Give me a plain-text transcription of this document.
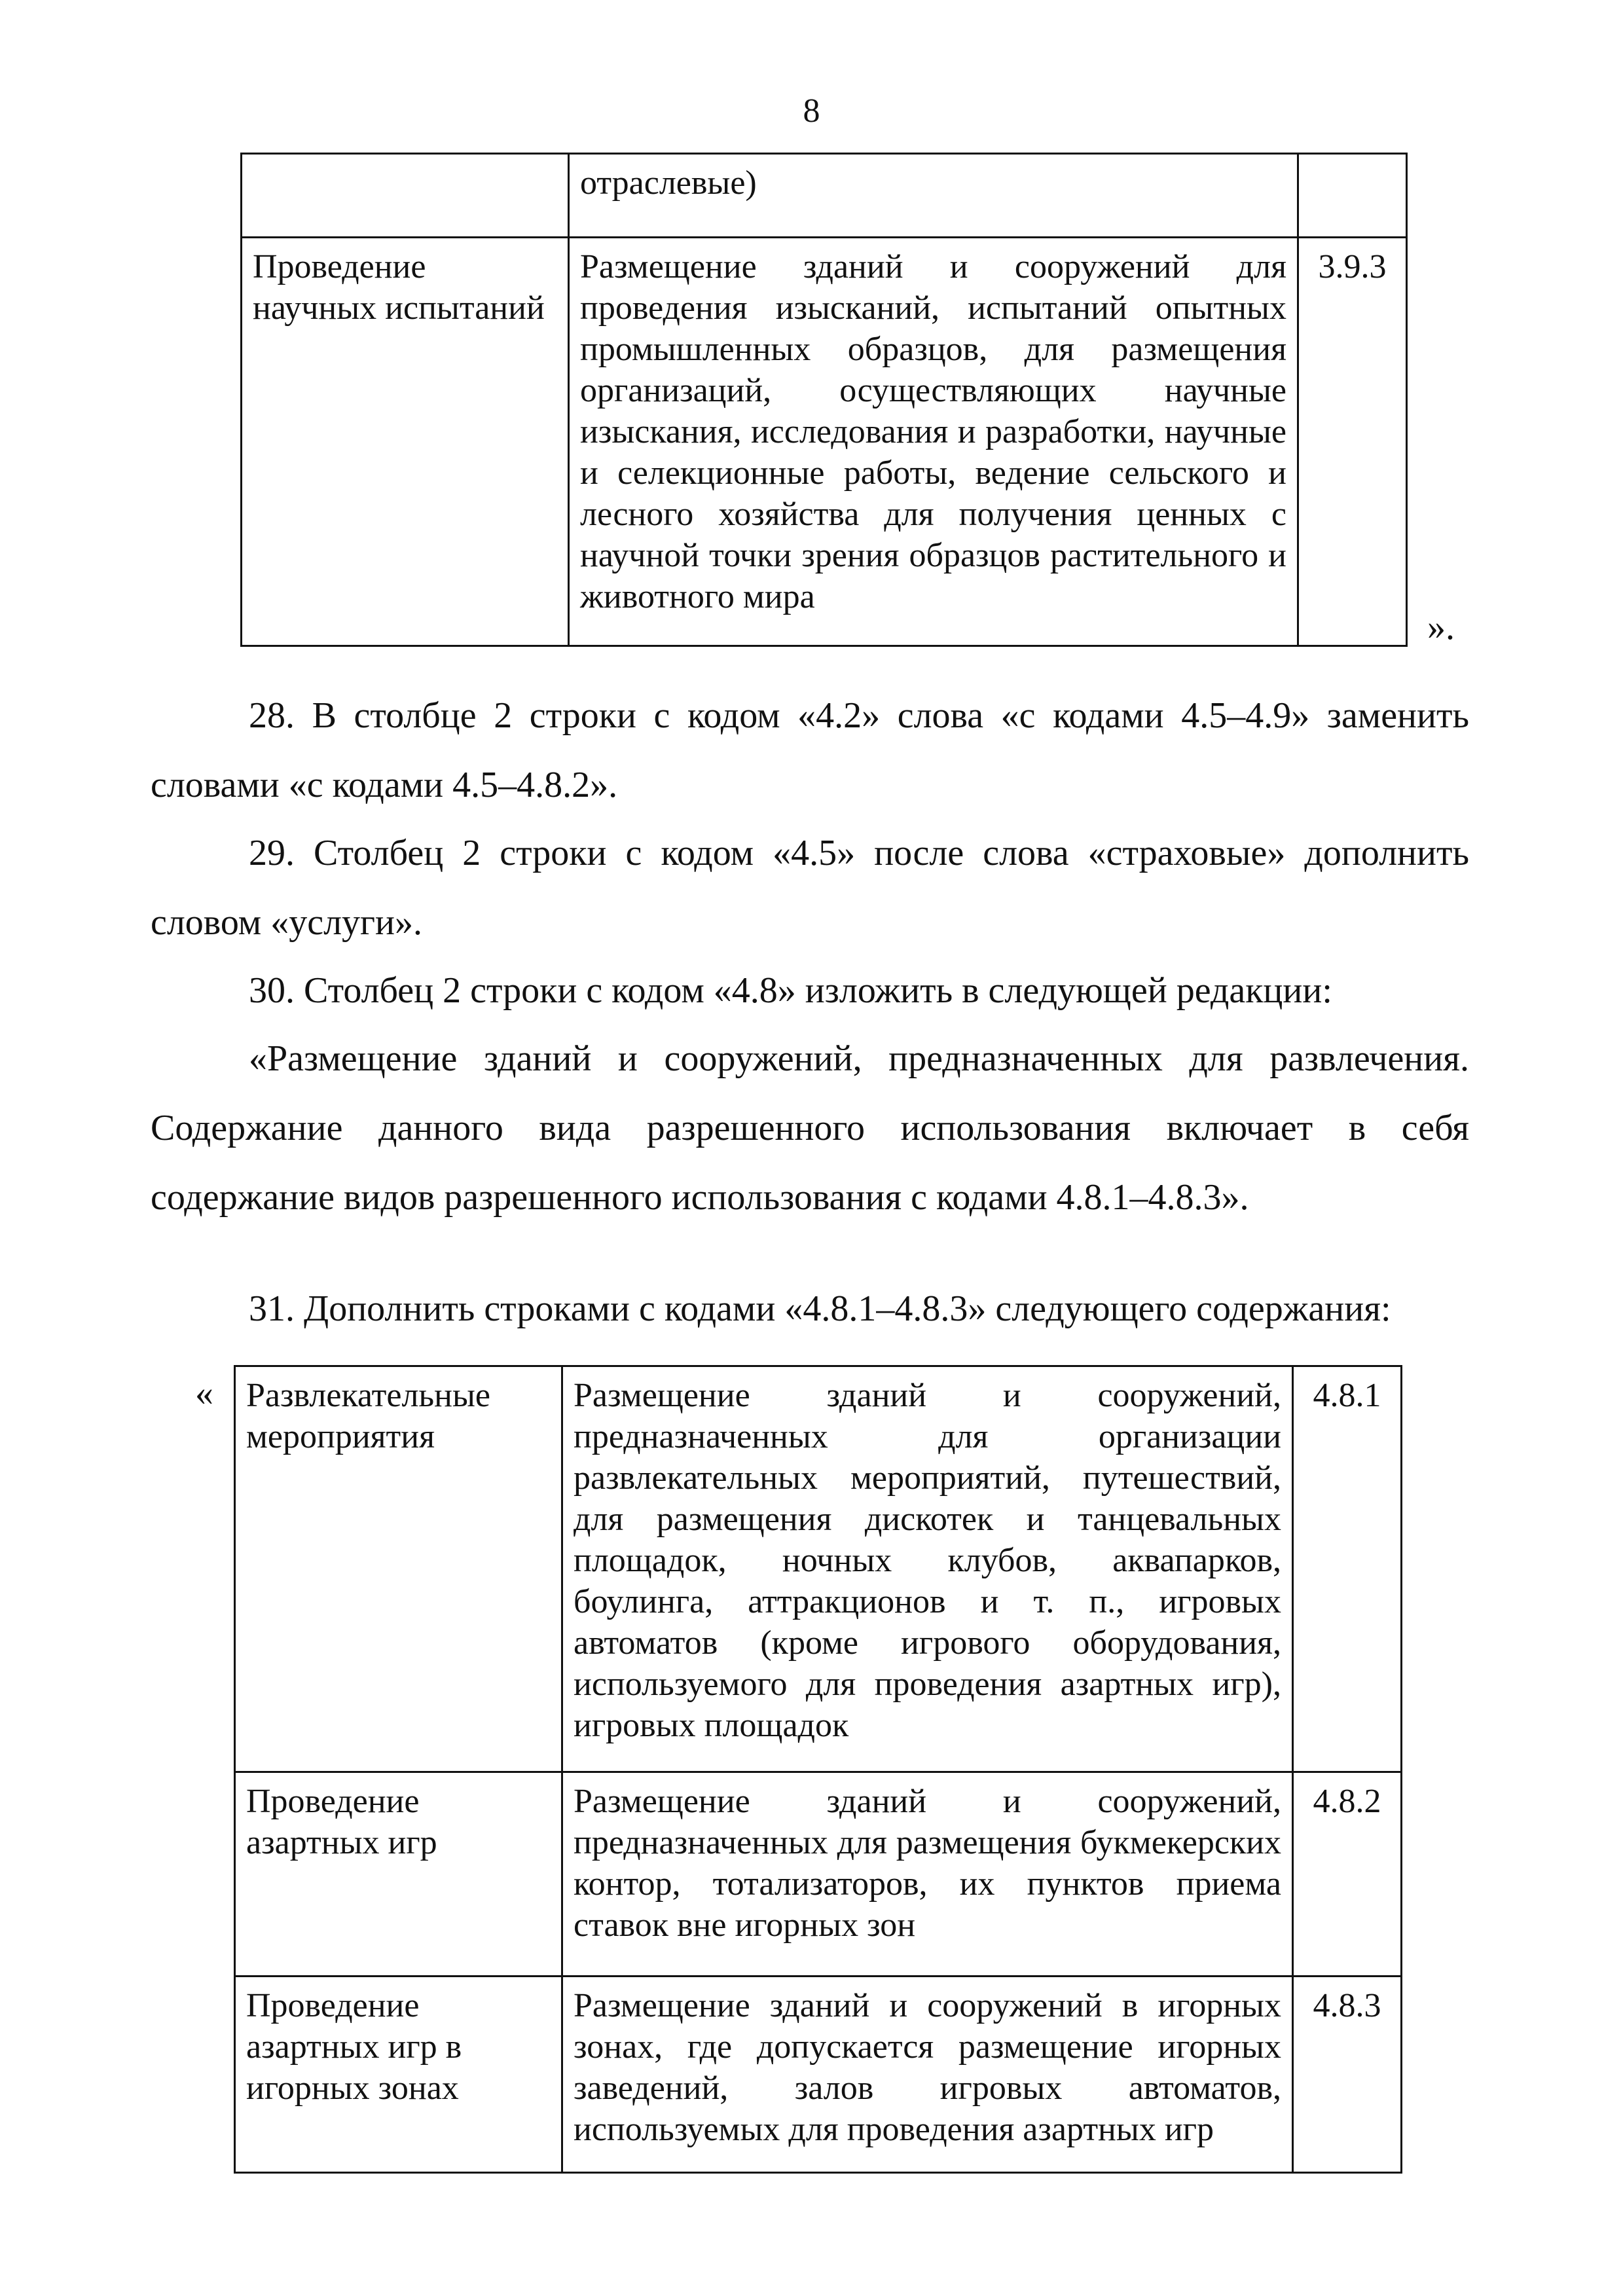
8
	отраслевые)	
Проведение научных испытаний	Размещение зданий и сооружений для проведения изысканий, испытаний опытных промышленных образцов, для размещения организаций, осуществляющих научные изыскания, исследования и разработки, научные и селекционные работы, ведение сельского и лесного хозяйства для получения ценных с научной точки зрения образцов растительного и животного мира	3.9.3
».
28. В столбце 2 строки с кодом «4.2» слова «с кодами 4.5–4.9» заменить словами «с кодами 4.5–4.8.2».
29. Столбец 2 строки с кодом «4.5» после слова «страховые» дополнить словом «услуги».
30. Столбец 2 строки с кодом «4.8» изложить в следующей редакции:
«Размещение зданий и сооружений, предназначенных для развлечения. Содержание данного вида разрешенного использования включает в себя содержание видов разрешенного использования с кодами 4.8.1–4.8.3».
31. Дополнить строками с кодами «4.8.1–4.8.3» следующего содержания:
« Развлекательные мероприятия	Размещение зданий и сооружений, предназначенных для организации развлекательных мероприятий, путешествий, для размещения дискотек и танцевальных площадок, ночных клубов, аквапарков, боулинга, аттракционов и т. п., игровых автоматов (кроме игрового оборудования, используемого для проведения азартных игр), игровых площадок	4.8.1
Проведение азартных игр	Размещение зданий и сооружений, предназначенных для размещения букмекерских контор, тотализаторов, их пунктов приема ставок вне игорных зон	4.8.2
Проведение азартных игр в игорных зонах	Размещение зданий и сооружений в игорных зонах, где допускается размещение игорных заведений, залов игровых автоматов, используемых для проведения азартных игр	4.8.3
